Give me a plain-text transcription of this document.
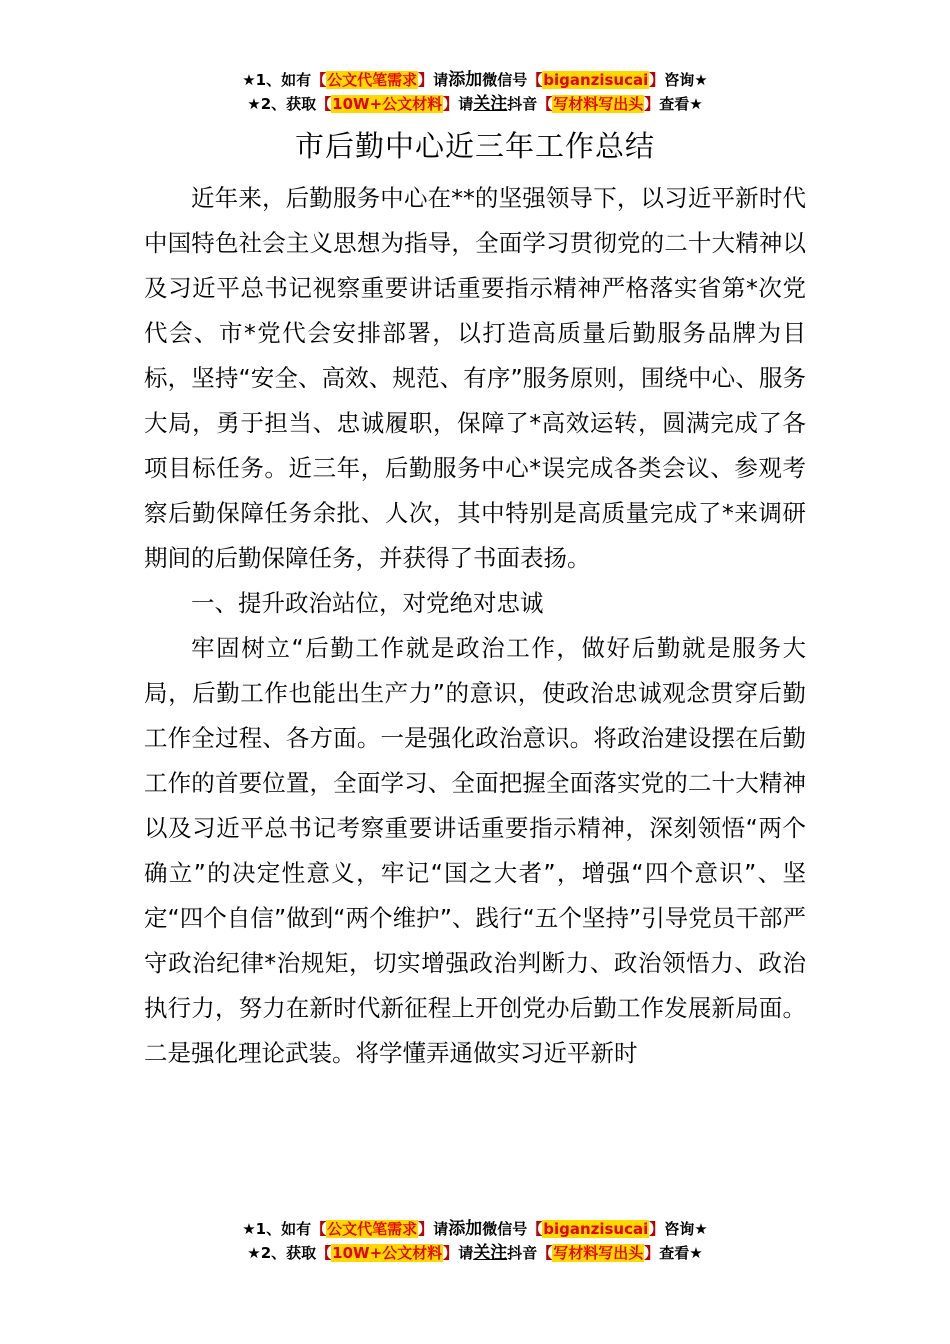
★1、如有【公文代笔需求】请添加微信号【biganzisucai】咨询★
★2、获取【10W+公文材料】请关注抖音【写材料写出头】查看★
市后勤中心近三年工作总结

近年来，后勤服务中心在**的坚强领导下，以习近平新时代中国特色社会主义思想为指导，全面学习贯彻党的二十大精神以及习近平总书记视察重要讲话重要指示精神严格落实省第*次党代会、市*党代会安排部署，以打造高质量后勤服务品牌为目标，坚持“安全、高效、规范、有序”服务原则，围绕中心、服务大局，勇于担当、忠诚履职，保障了*高效运转，圆满完成了各项目标任务。近三年，后勤服务中心*误完成各类会议、参观考察后勤保障任务余批、人次，其中特别是高质量完成了*来调研期间的后勤保障任务，并获得了书面表扬。

一、提升政治站位，对党绝对忠诚

牢固树立“后勤工作就是政治工作，做好后勤就是服务大局，后勤工作也能出生产力”的意识，使政治忠诚观念贯穿后勤工作全过程、各方面。一是强化政治意识。将政治建设摆在后勤工作的首要位置，全面学习、全面把握全面落实党的二十大精神以及习近平总书记考察重要讲话重要指示精神，深刻领悟“两个确立”的决定性意义，牢记“国之大者”，增强“四个意识”、坚定“四个自信”做到“两个维护”、践行“五个坚持”引导党员干部严守政治纪律*治规矩，切实增强政治判断力、政治领悟力、政治执行力，努力在新时代新征程上开创党办后勤工作发展新局面。二是强化理论武装。将学懂弄通做实习近平新时

★1、如有【公文代笔需求】请添加微信号【biganzisucai】咨询★
★2、获取【10W+公文材料】请关注抖音【写材料写出头】查看★
